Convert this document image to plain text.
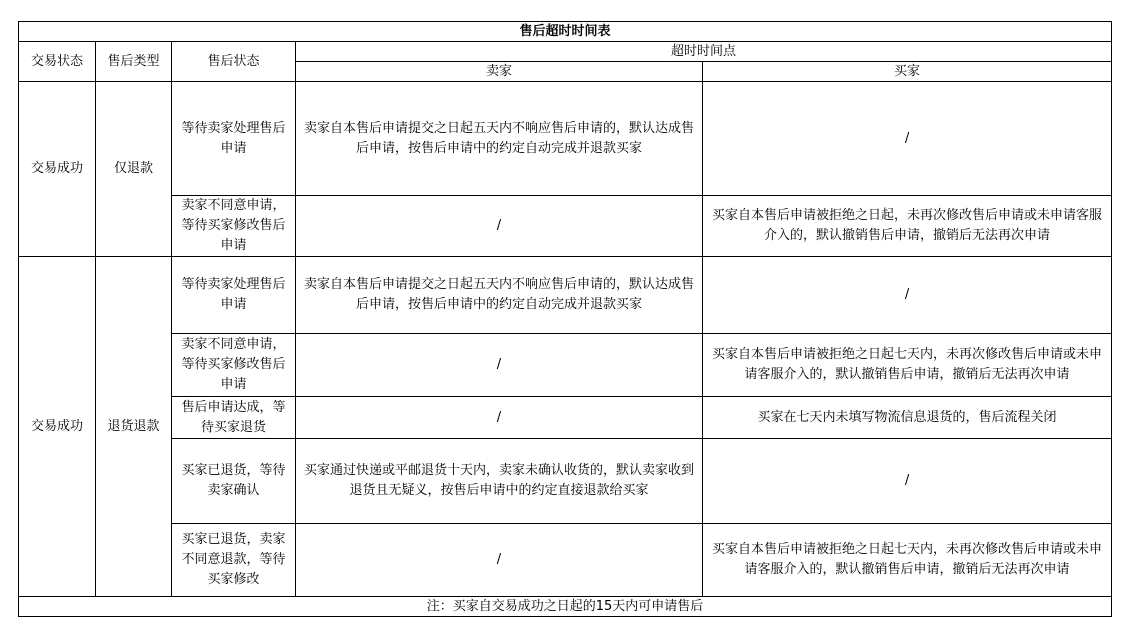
售后超时时间表				
交易状态	售后类型	售后状态	超时时间点	
			卖家	买家
交易成功	仅退款	等待卖家处理售后申请	卖家自本售后申请提交之日起五天内不响应售后申请的，默认达成售后申请，按售后申请中的约定自动完成并退款买家	/
		卖家不同意申请，等待买家修改售后申请	/	买家自本售后申请被拒绝之日起，未再次修改售后申请或未申请客服介入的，默认撤销售后申请，撤销后无法再次申请
交易成功	退货退款	等待卖家处理售后申请	卖家自本售后申请提交之日起五天内不响应售后申请的，默认达成售后申请，按售后申请中的约定自动完成并退款买家	/
		卖家不同意申请，等待买家修改售后申请	/	买家自本售后申请被拒绝之日起七天内，未再次修改售后申请或未申请客服介入的，默认撤销售后申请，撤销后无法再次申请
		售后申请达成，等待买家退货	/	买家在七天内未填写物流信息退货的，售后流程关闭
		买家已退货，等待卖家确认	买家通过快递或平邮退货十天内，卖家未确认收货的，默认卖家收到退货且无疑义，按售后申请中的约定直接退款给买家	/
		买家已退货，卖家不同意退款，等待买家修改	/	买家自本售后申请被拒绝之日起七天内，未再次修改售后申请或未申请客服介入的，默认撤销售后申请，撤销后无法再次申请
注：买家自交易成功之日起的15天内可申请售后				
